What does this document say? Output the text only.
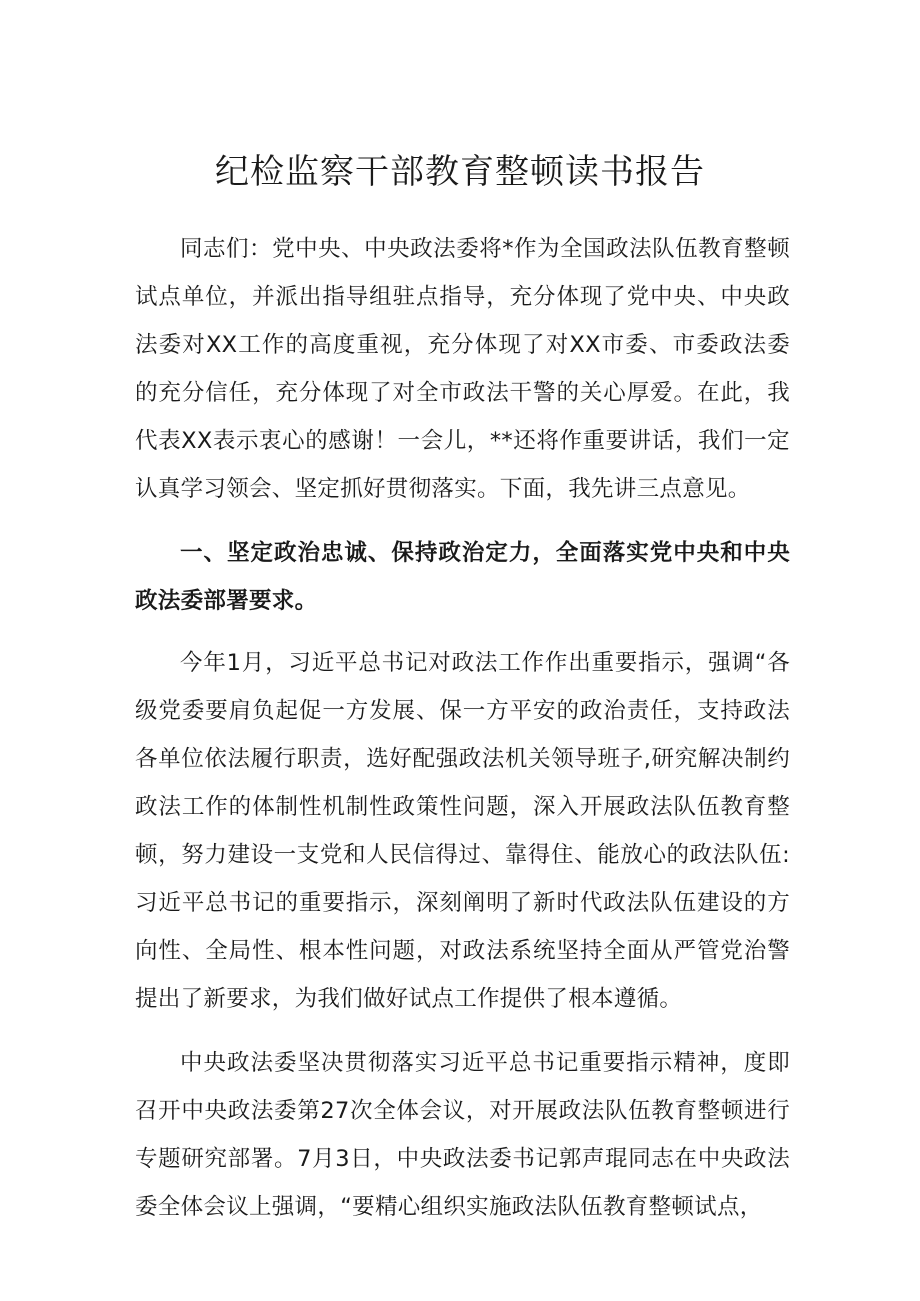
纪检监察干部教育整顿读书报告

同志们：党中央、中央政法委将*作为全国政法队伍教育整顿试点单位，并派出指导组驻点指导，充分体现了党中央、中央政法委对XX工作的高度重视，充分体现了对XX市委、市委政法委的充分信任，充分体现了对全市政法干警的关心厚爱。在此，我代表XX表示衷心的感谢！一会儿，**还将作重要讲话，我们一定认真学习领会、坚定抓好贯彻落实。下面，我先讲三点意见。

一、坚定政治忠诚、保持政治定力，全面落实党中央和中央政法委部署要求。

今年1月，习近平总书记对政法工作作出重要指示，强调“各级党委要肩负起促一方发展、保一方平安的政治责任，支持政法各单位依法履行职责，选好配强政法机关领导班子,研究解决制约政法工作的体制性机制性政策性问题，深入开展政法队伍教育整顿，努力建设一支党和人民信得过、靠得住、能放心的政法队伍:习近平总书记的重要指示，深刻阐明了新时代政法队伍建设的方向性、全局性、根本性问题，对政法系统坚持全面从严管党治警提出了新要求，为我们做好试点工作提供了根本遵循。

中央政法委坚决贯彻落实习近平总书记重要指示精神，度即召开中央政法委第27次全体会议，对开展政法队伍教育整顿进行专题研究部署。7月3日，中央政法委书记郭声琨同志在中央政法委全体会议上强调，“要精心组织实施政法队伍教育整顿试点，
